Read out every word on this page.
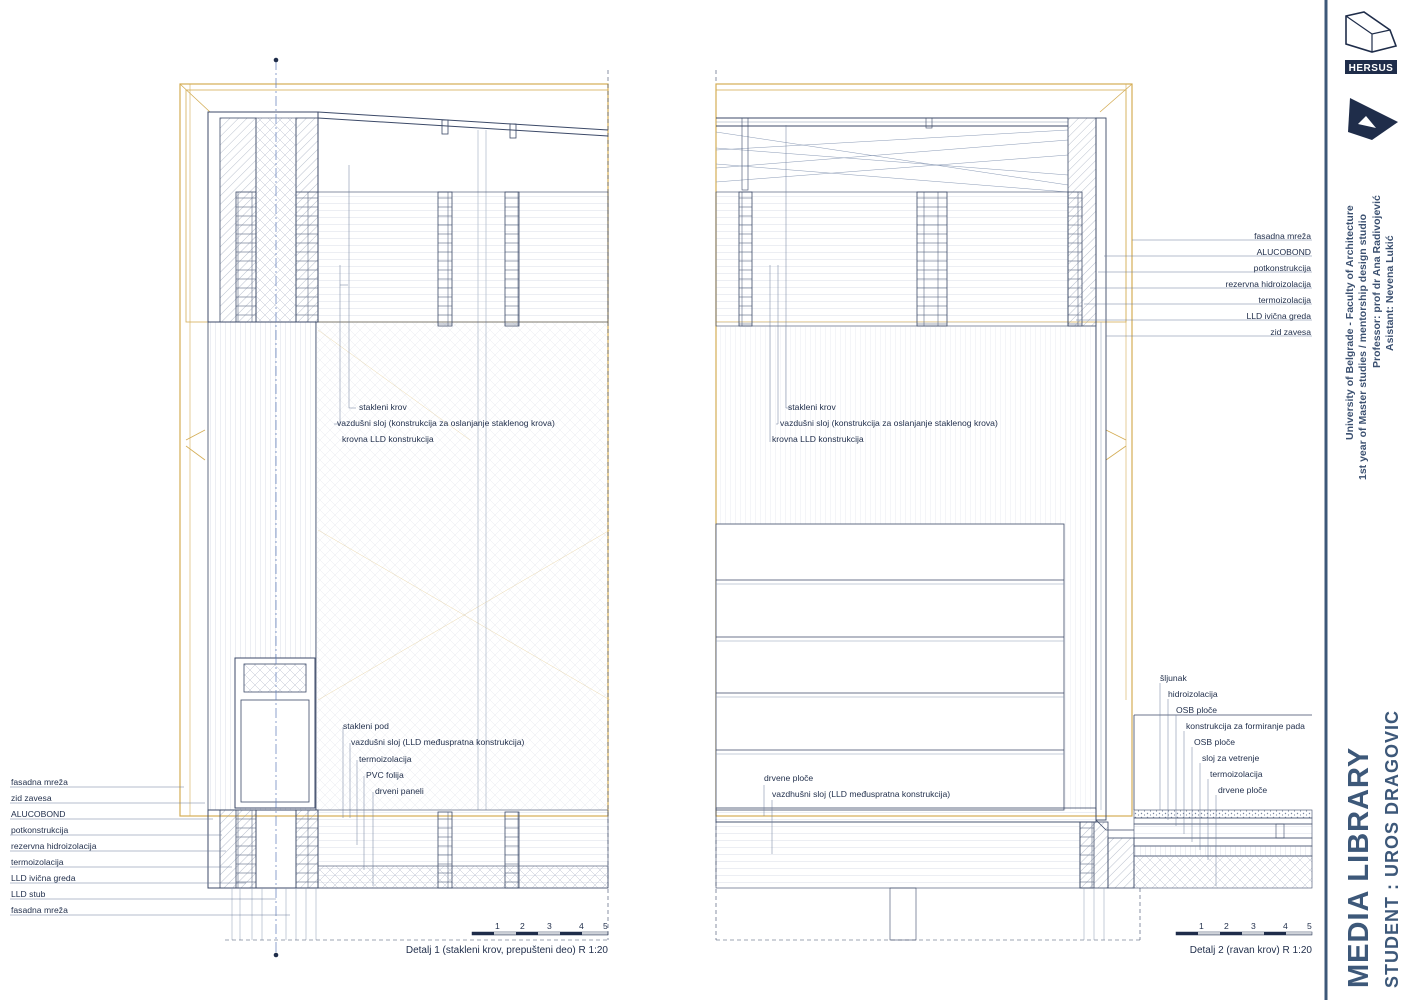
stakleni krov
vazdušni sloj (konstrukcija za oslanjanje staklenog krova)
krovna LLD konstrukcija
stakleni pod
vazdušni sloj (LLD međuspratna konstrukcija)
termoizolacija
PVC folija
drveni paneli
fasadna mreža
zid zavesa
ALUCOBOND
potkonstrukcija
rezervna hidroizolacija
termoizolacija
LLD ivična greda
LLD stub
fasadna mreža
1 2	3	4 5
Detalj 1 (stakleni krov, prepušteni deo) R 1:20
stakleni krov
vazdušni sloj (konstrukcija za oslanjanje staklenog krova)
krovna LLD konstrukcija
fasadna mreža
ALUCOBOND
potkonstrukcija
rezervna hidroizolacija
termoizolacija
LLD ivična greda
zid zavesa
šljunak
hidroizolacija
OSB ploče
konstrukcija za formiranje pada
OSB ploče
sloj za vetrenje
termoizolacija
drvene ploče
drvene ploče
vazdhušni sloj (LLD međuspratna konstrukcija)
1 2	3	4 5
Detalj 2 (ravan krov) R 1:20
HERSUS
University of Belgrade - Faculty of Architecture 1st year of Master studies / mentorship design studio Professor: prof dr Ana Radivojević Asistant: Nevena Lukić
MEDIA LIBRARY STUDENT : UROS DRAGOVIC
